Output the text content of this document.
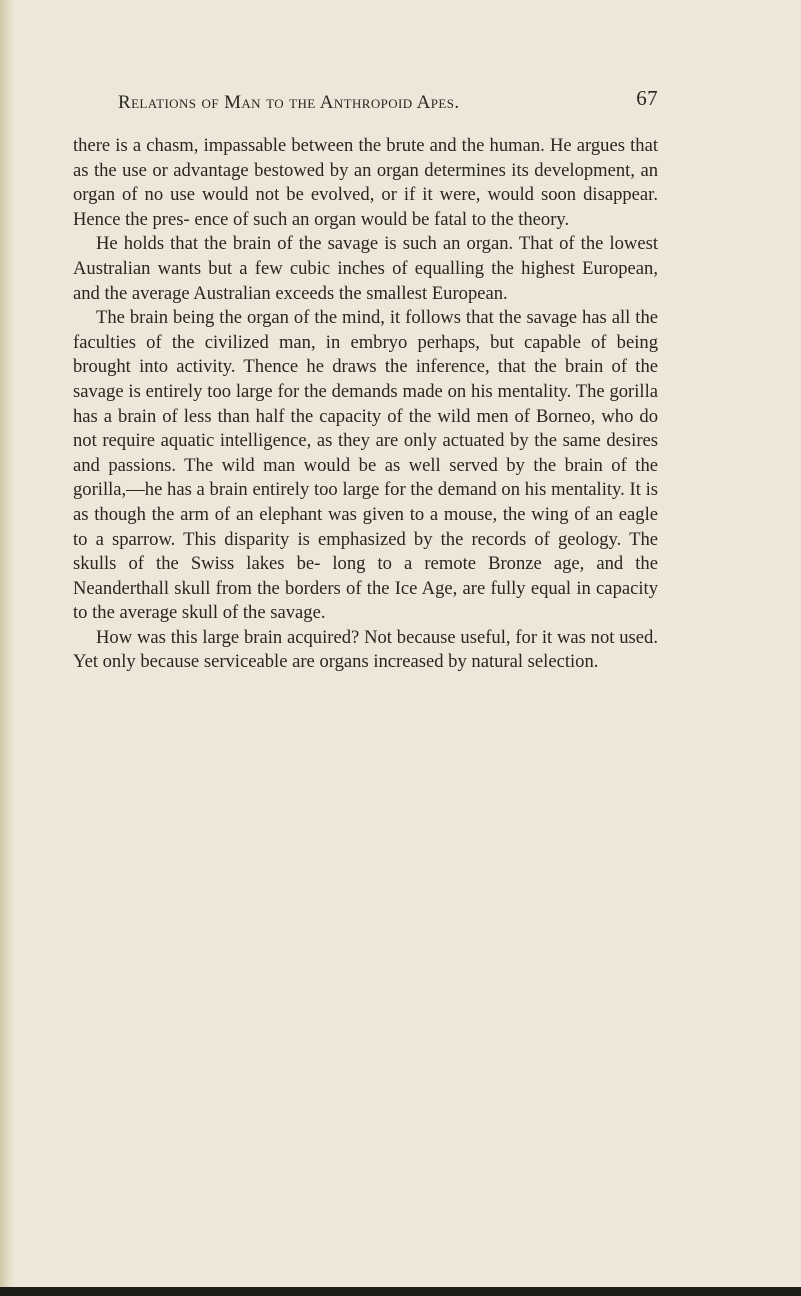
Relations of Man to the Anthropoid Apes.	67

there is a chasm, impassable between the brute and the human. He argues that as the use or advantage bestowed by an organ determines its development, an organ of no use would not be evolved, or if it were, would soon disappear. Hence the pres- ence of such an organ would be fatal to the theory.

He holds that the brain of the savage is such an organ. That of the lowest Australian wants but a few cubic inches of equalling the highest European, and the average Australian exceeds the smallest European.

The brain being the organ of the mind, it follows that the savage has all the faculties of the civilized man, in embryo perhaps, but capable of being brought into activity. Thence he draws the inference, that the brain of the savage is entirely too large for the demands made on his mentality. The gorilla has a brain of less than half the capacity of the wild men of Borneo, who do not require aquatic intelligence, as they are only actuated by the same desires and passions. The wild man would be as well served by the brain of the gorilla,—he has a brain entirely too large for the demand on his mentality. It is as though the arm of an elephant was given to a mouse, the wing of an eagle to a sparrow. This disparity is emphasized by the records of geology. The skulls of the Swiss lakes be- long to a remote Bronze age, and the Neanderthall skull from the borders of the Ice Age, are fully equal in capacity to the average skull of the savage.

How was this large brain acquired? Not because useful, for it was not used. Yet only because serviceable are organs increased by natural selection.
